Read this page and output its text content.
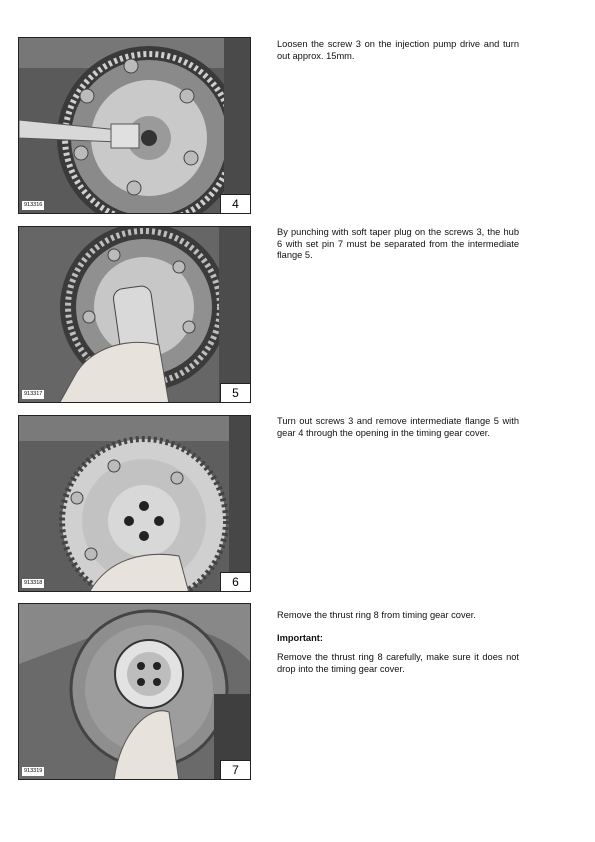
913316	4

Loosen the screw 3 on the injection pump drive and turn out approx. 15mm.

913317	5

By punching with soft taper plug on the screws 3, the hub 6 with set pin 7 must be separated from the intermediate flange 5.

913318	6

Turn out screws 3 and remove intermediate flange 5 with gear 4 through the opening in the timing gear cover.

913319	7

Remove the thrust ring 8 from timing gear cover.

Important:

Remove the thrust ring 8 carefully, make sure it does not drop into the timing gear cover.
